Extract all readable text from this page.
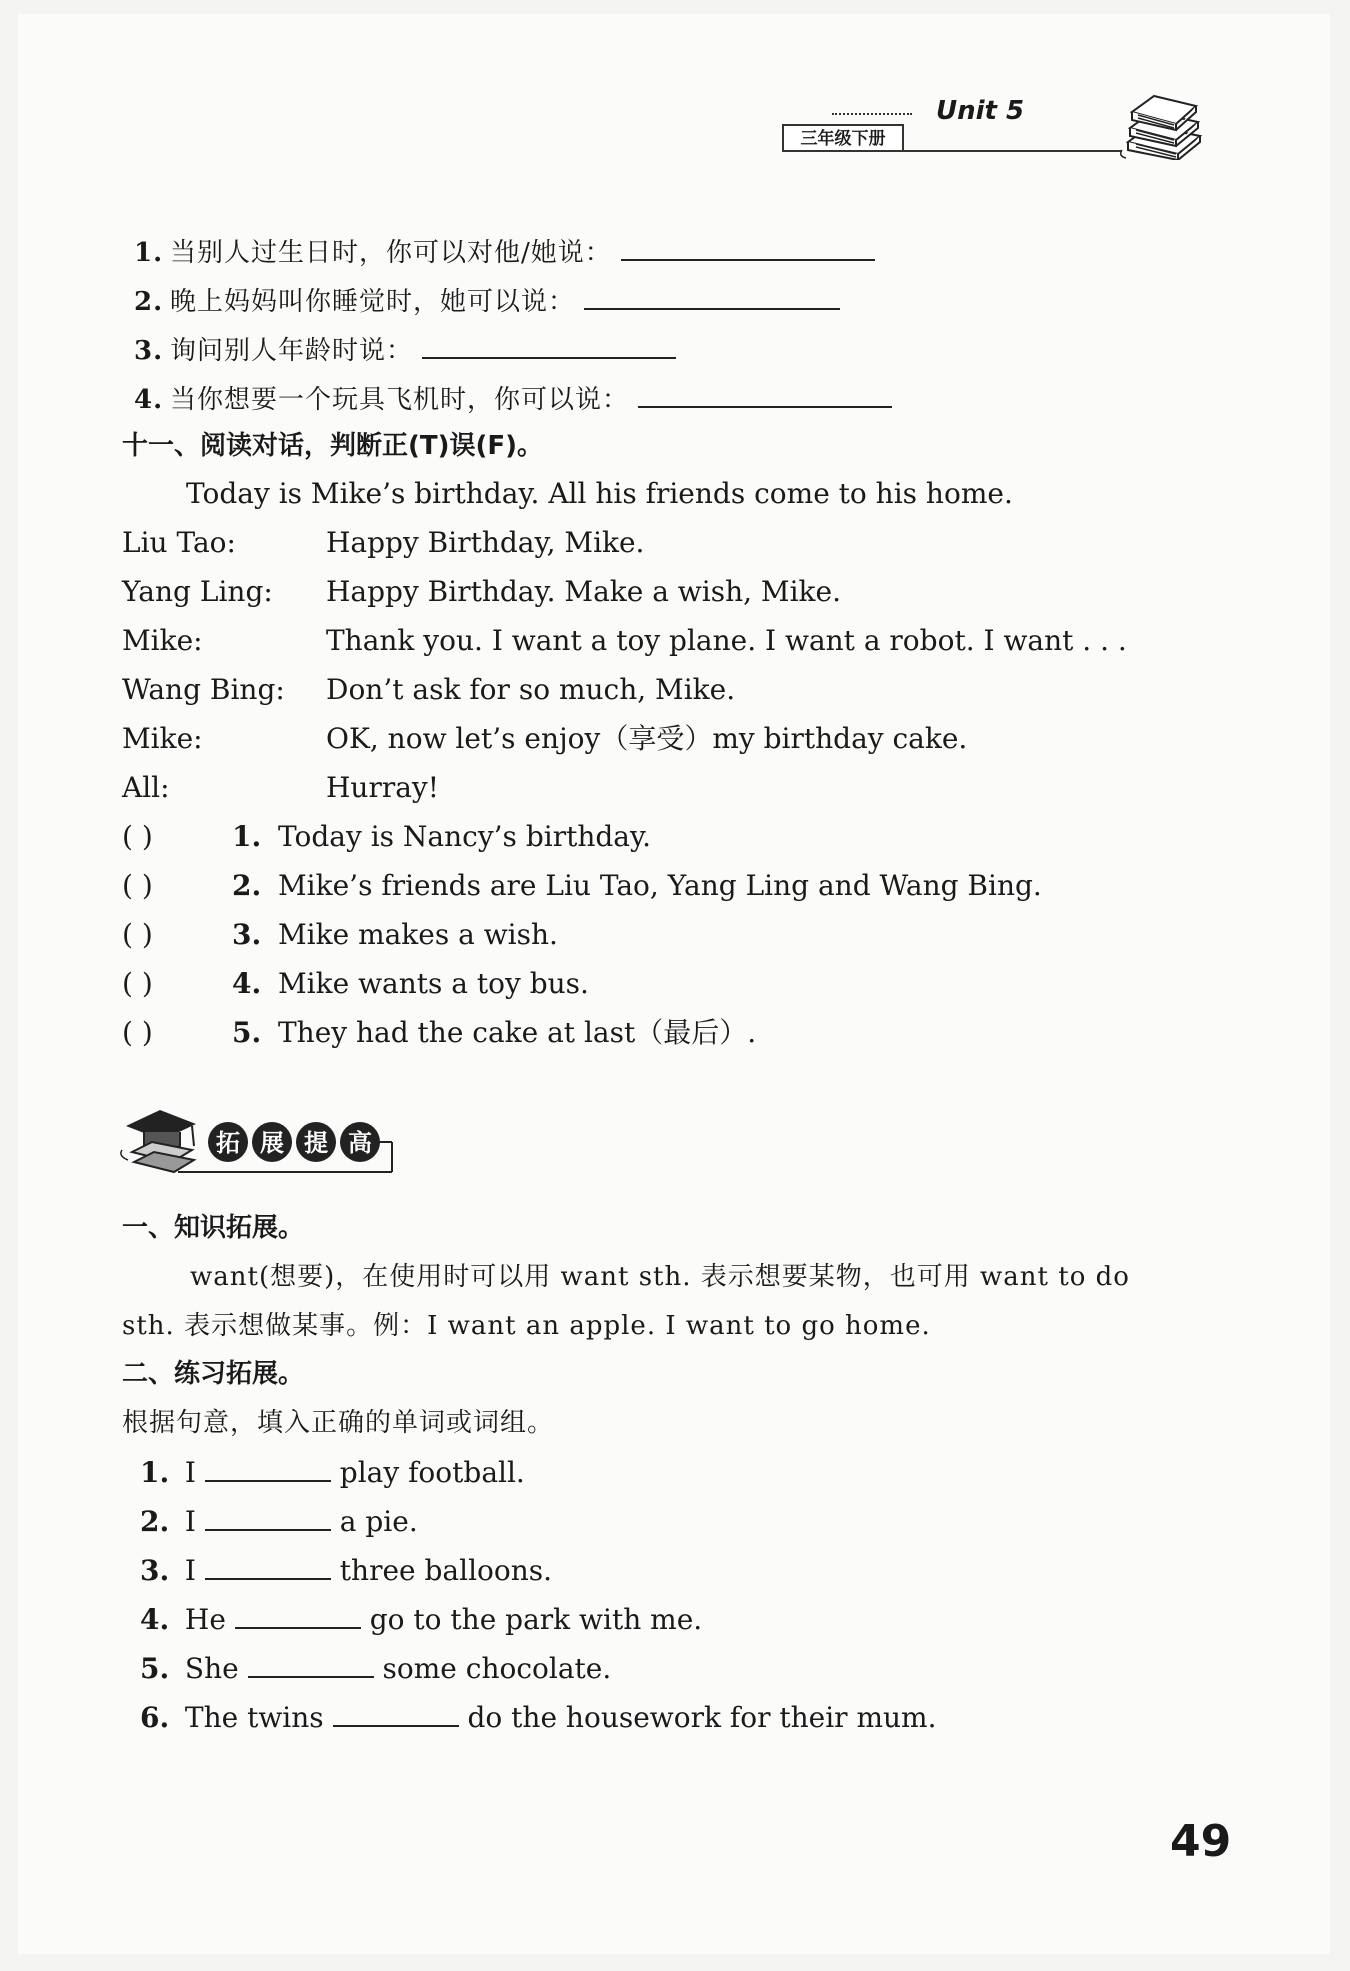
Unit 5
三年级下册
1. 当别人过生日时，你可以对他/她说：
2. 晚上妈妈叫你睡觉时，她可以说：
3. 询问别人年龄时说：
4. 当你想要一个玩具飞机时，你可以说：
十一、阅读对话，判断正(T)误(F)。
Today is Mike’s birthday. All his friends come to his home.
Liu Tao:	Happy Birthday, Mike.
Yang Ling: Happy Birthday. Make a wish, Mike.
Mike:	Thank you. I want a toy plane. I want a robot. I want . . .
Wang Bing: Don’t ask for so much, Mike.
Mike:	OK, now let’s enjoy（享受）my birthday cake.
All:	Hurray!
( )	1. Today is Nancy’s birthday.
( )	2. Mike’s friends are Liu Tao, Yang Ling and Wang Bing.
( )	3. Mike makes a wish.
( )	4. Mike wants a toy bus.
( )	5. They had the cake at last（最后）.
拓 展 提 高
一、知识拓展。
want(想要)，在使用时可以用 want sth. 表示想要某物，也可用 want to do
sth. 表示想做某事。例：I want an apple. I want to go home.
二、练习拓展。
根据句意，填入正确的单词或词组。
1. I	play football.
2. I	a pie.
3. I	three balloons.
4. He	go to the park with me.
5. She	some chocolate.
6. The twins	do the housework for their mum.
49
